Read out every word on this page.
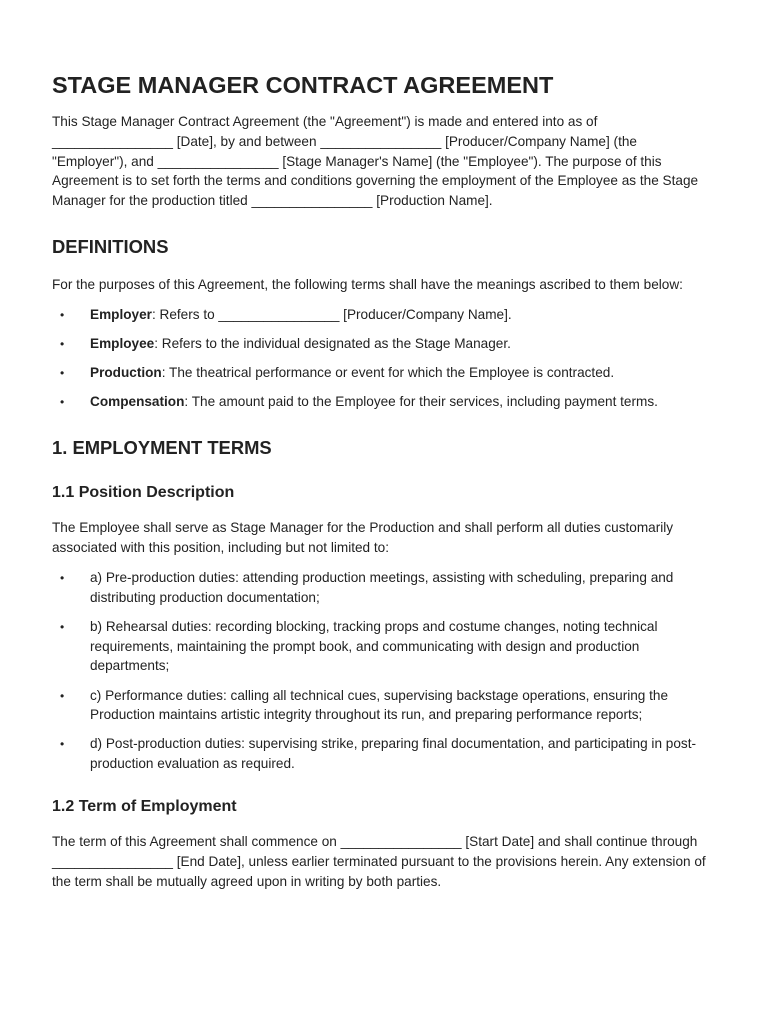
STAGE MANAGER CONTRACT AGREEMENT

This Stage Manager Contract Agreement (the "Agreement") is made and entered into as of ________________ [Date], by and between ________________ [Producer/Company Name] (the "Employer"), and ________________ [Stage Manager's Name] (the "Employee"). The purpose of this Agreement is to set forth the terms and conditions governing the employment of the Employee as the Stage Manager for the production titled ________________ [Production Name].

DEFINITIONS

For the purposes of this Agreement, the following terms shall have the meanings ascribed to them below:

• Employer: Refers to ________________ [Producer/Company Name].
• Employee: Refers to the individual designated as the Stage Manager.
• Production: The theatrical performance or event for which the Employee is contracted.
• Compensation: The amount paid to the Employee for their services, including payment terms.
1. EMPLOYMENT TERMS
1.1 Position Description

The Employee shall serve as Stage Manager for the Production and shall perform all duties customarily associated with this position, including but not limited to:

• a) Pre-production duties: attending production meetings, assisting with scheduling, preparing and distributing production documentation;
• b) Rehearsal duties: recording blocking, tracking props and costume changes, noting technical requirements, maintaining the prompt book, and communicating with design and production departments;
• c) Performance duties: calling all technical cues, supervising backstage operations, ensuring the Production maintains artistic integrity throughout its run, and preparing performance reports;
• d) Post-production duties: supervising strike, preparing final documentation, and participating in post-production evaluation as required.
1.2 Term of Employment

The term of this Agreement shall commence on ________________ [Start Date] and shall continue through ________________ [End Date], unless earlier terminated pursuant to the provisions herein. Any extension of the term shall be mutually agreed upon in writing by both parties.
